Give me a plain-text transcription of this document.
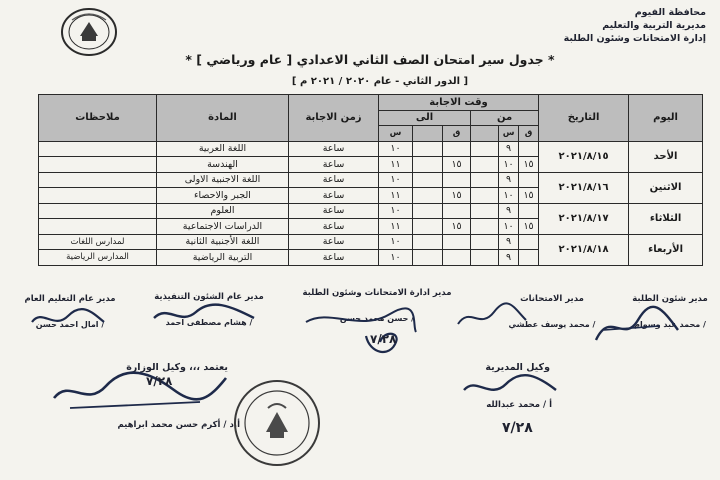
محافظة الفيوم
مديرية التربية والتعليم
إدارة الامتحانات وشئون الطلبة
* جدول سير امتحان الصف الثاني الاعدادي [ عام ورياضي ] *
[ الدور الثاني - عام ٢٠٢٠ / ٢٠٢١ م ]
اليوم	التاريخ	وقت الاجابة						زمن الاجابة	المادة	ملاحظات
		من			الى					
		ق	س		ق		س			
الأحد	٢٠٢١/٨/١٥		٩				١٠	ساعة	اللغة العربية	
		١٥	١٠		١٥		١١	ساعة	الهندسة	
الاثنين	٢٠٢١/٨/١٦		٩				١٠	ساعة	اللغة الاجنبية الاولى	
		١٥	١٠		١٥		١١	ساعة	الجبر والاحصاء	
الثلاثاء	٢٠٢١/٨/١٧		٩				١٠	ساعة	العلوم	
		١٥	١٠		١٥		١١	ساعة	الدراسات الاجتماعية	
الأربعاء	٢٠٢١/٨/١٨		٩				١٠	ساعة	اللغة الأجنبية الثانية	لمدارس اللغات
			٩				١٠	ساعة	التربية الرياضية	المدارس الرياضية
مدير شئون الطلبة
/ محمد عبد وسوام
مدير الامتحانات
/ محمد يوسف عطشي
مدير ادارة الامتحانات وشئون الطلبة
/ حسن محمد حسن
مدير عام الشئون التنفيذية
/ هشام مصطفى احمد
مدير عام التعليم العام
/ امال احمد حسن
يعتمد ،،، وكيل الوزارة
أ.د / أكرم حسن محمد ابراهيم
٧/٢٨
وكيل المديرية
أ / محمد عبدالله
٧/٢٨
٧/٢٨
